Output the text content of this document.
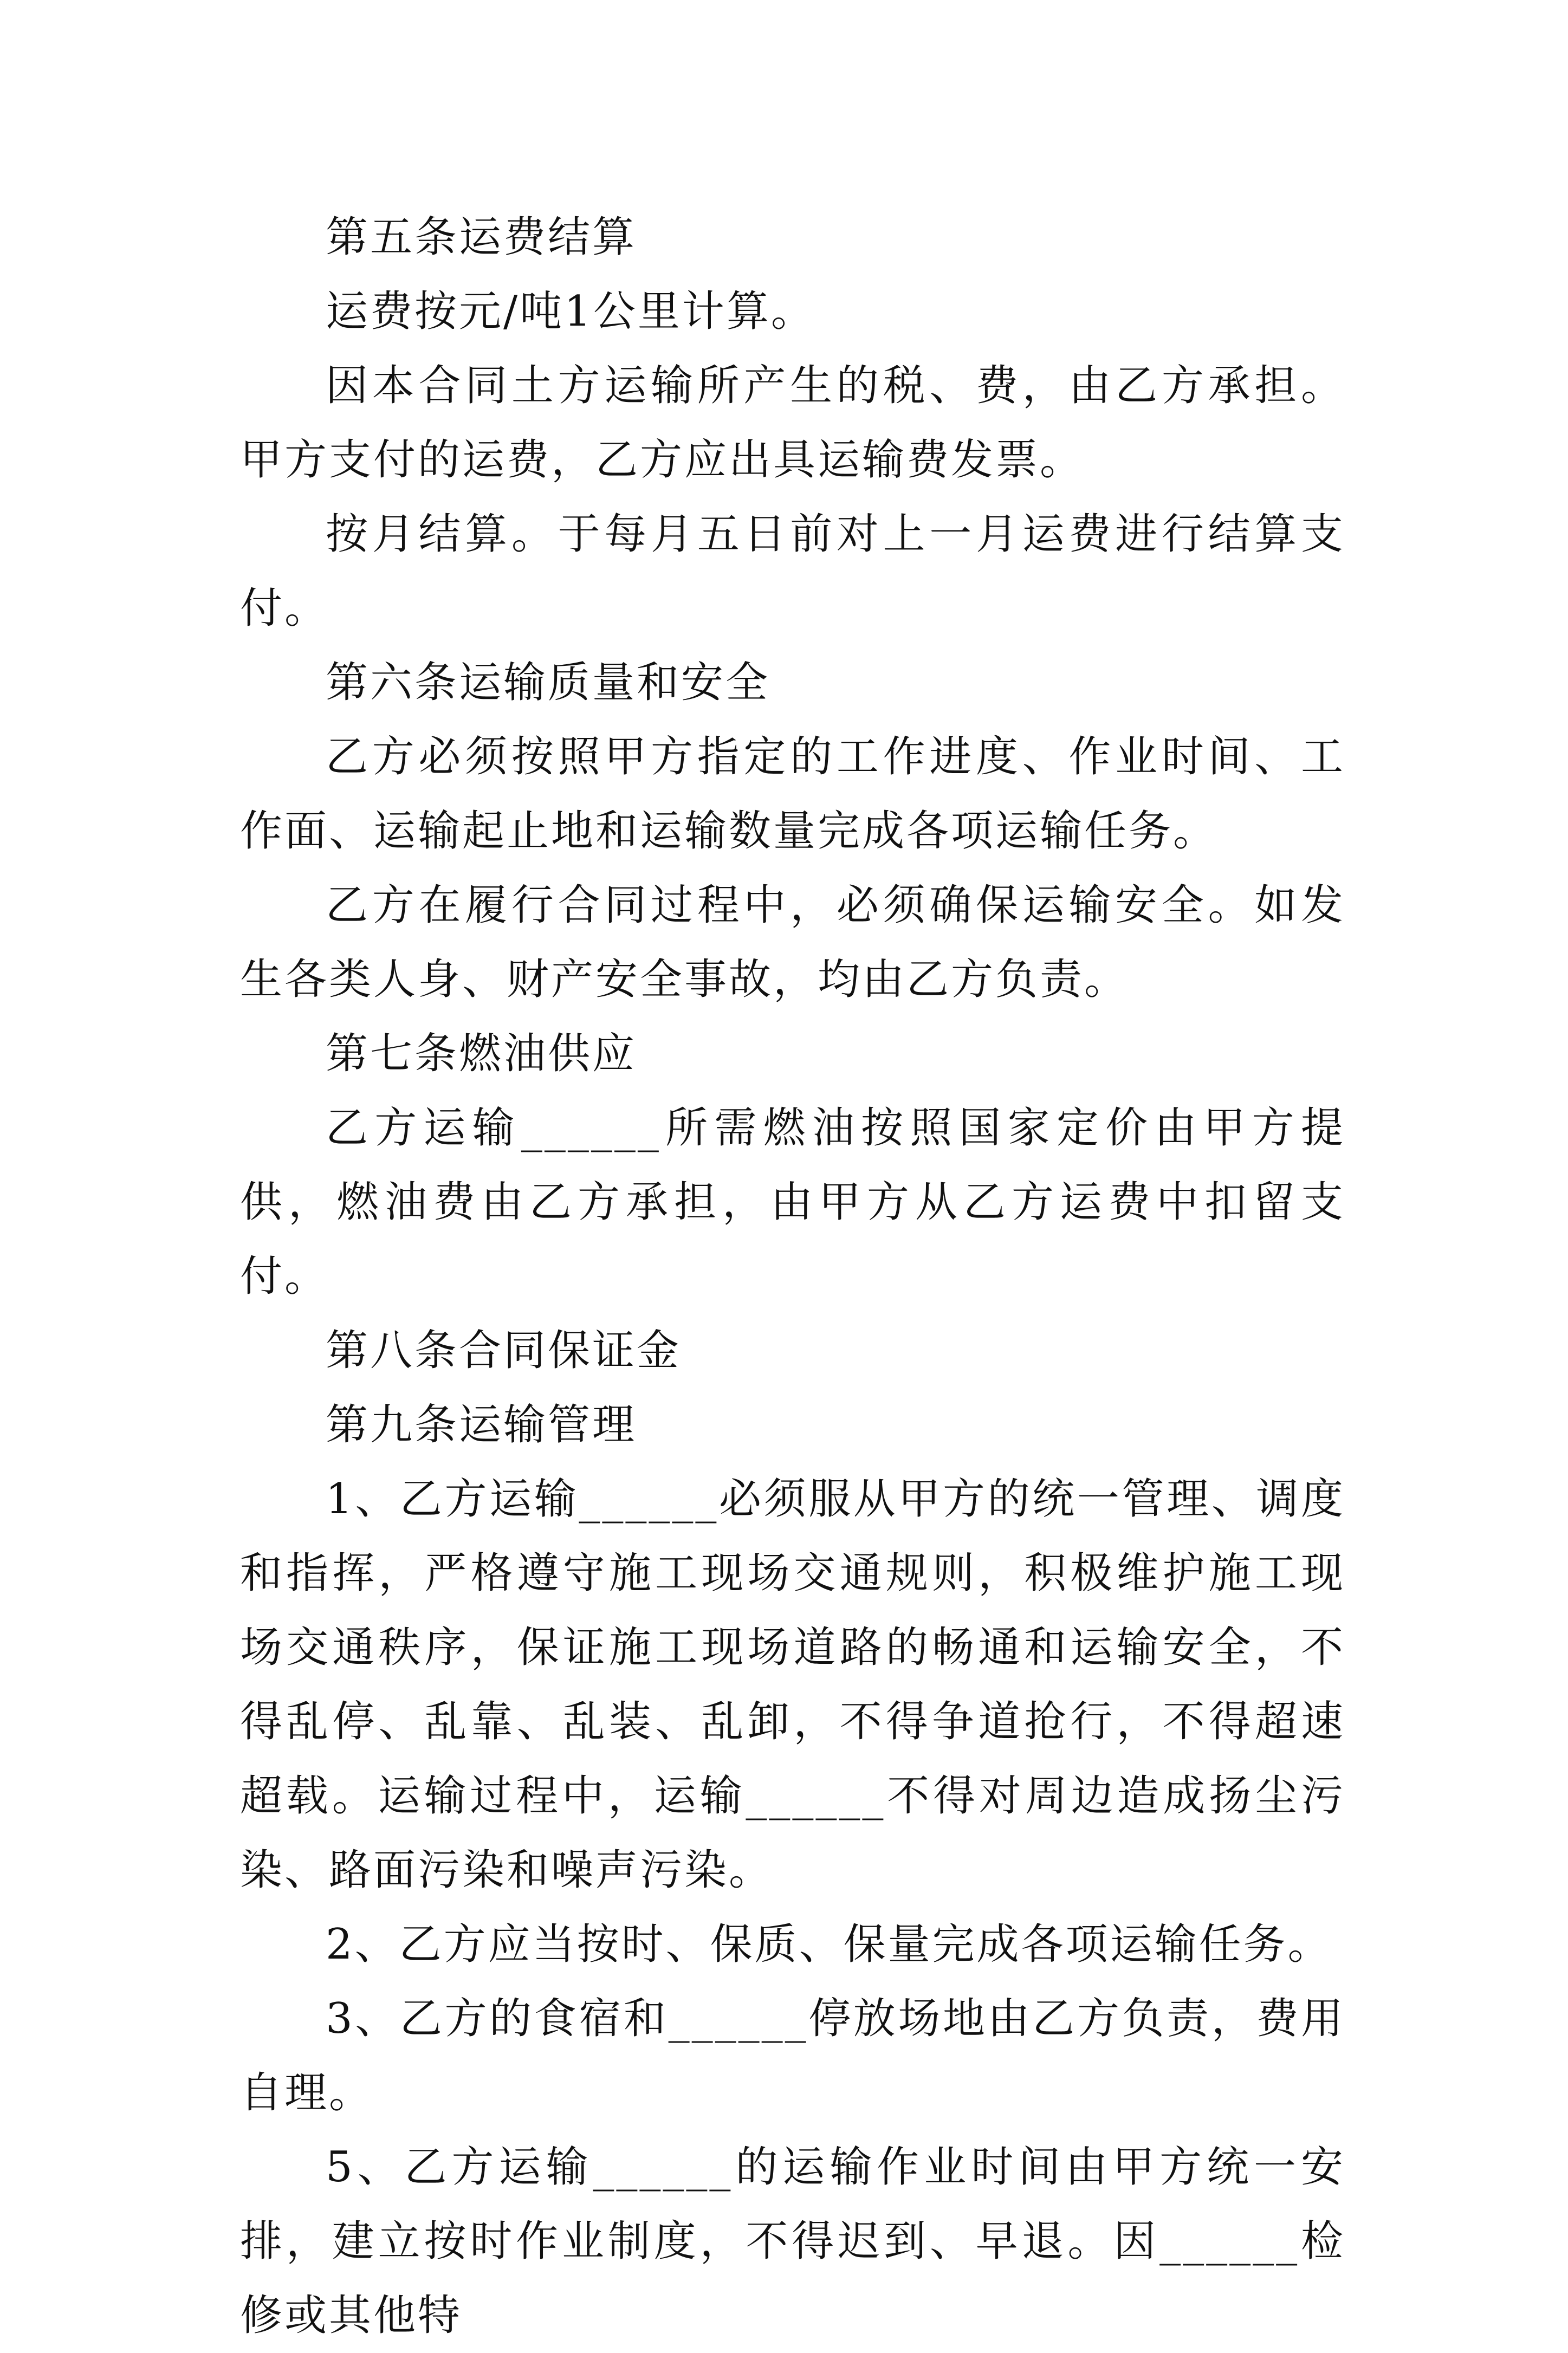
第五条运费结算

运费按元/吨1公里计算。

因本合同土方运输所产生的税、费，由乙方承担。甲方支付的运费，乙方应出具运输费发票。

按月结算。于每月五日前对上一月运费进行结算支付。

第六条运输质量和安全

乙方必须按照甲方指定的工作进度、作业时间、工作面、运输起止地和运输数量完成各项运输任务。

乙方在履行合同过程中，必须确保运输安全。如发生各类人身、财产安全事故，均由乙方负责。

第七条燃油供应

乙方运输______所需燃油按照国家定价由甲方提供，燃油费由乙方承担，由甲方从乙方运费中扣留支付。

第八条合同保证金

第九条运输管理

1、乙方运输______必须服从甲方的统一管理、调度和指挥，严格遵守施工现场交通规则，积极维护施工现场交通秩序，保证施工现场道路的畅通和运输安全，不得乱停、乱靠、乱装、乱卸，不得争道抢行，不得超速超载。运输过程中，运输______不得对周边造成扬尘污染、路面污染和噪声污染。

2、乙方应当按时、保质、保量完成各项运输任务。

3、乙方的食宿和______停放场地由乙方负责，费用自理。

5、乙方运输______的运输作业时间由甲方统一安排，建立按时作业制度，不得迟到、早退。因______检修或其他特
